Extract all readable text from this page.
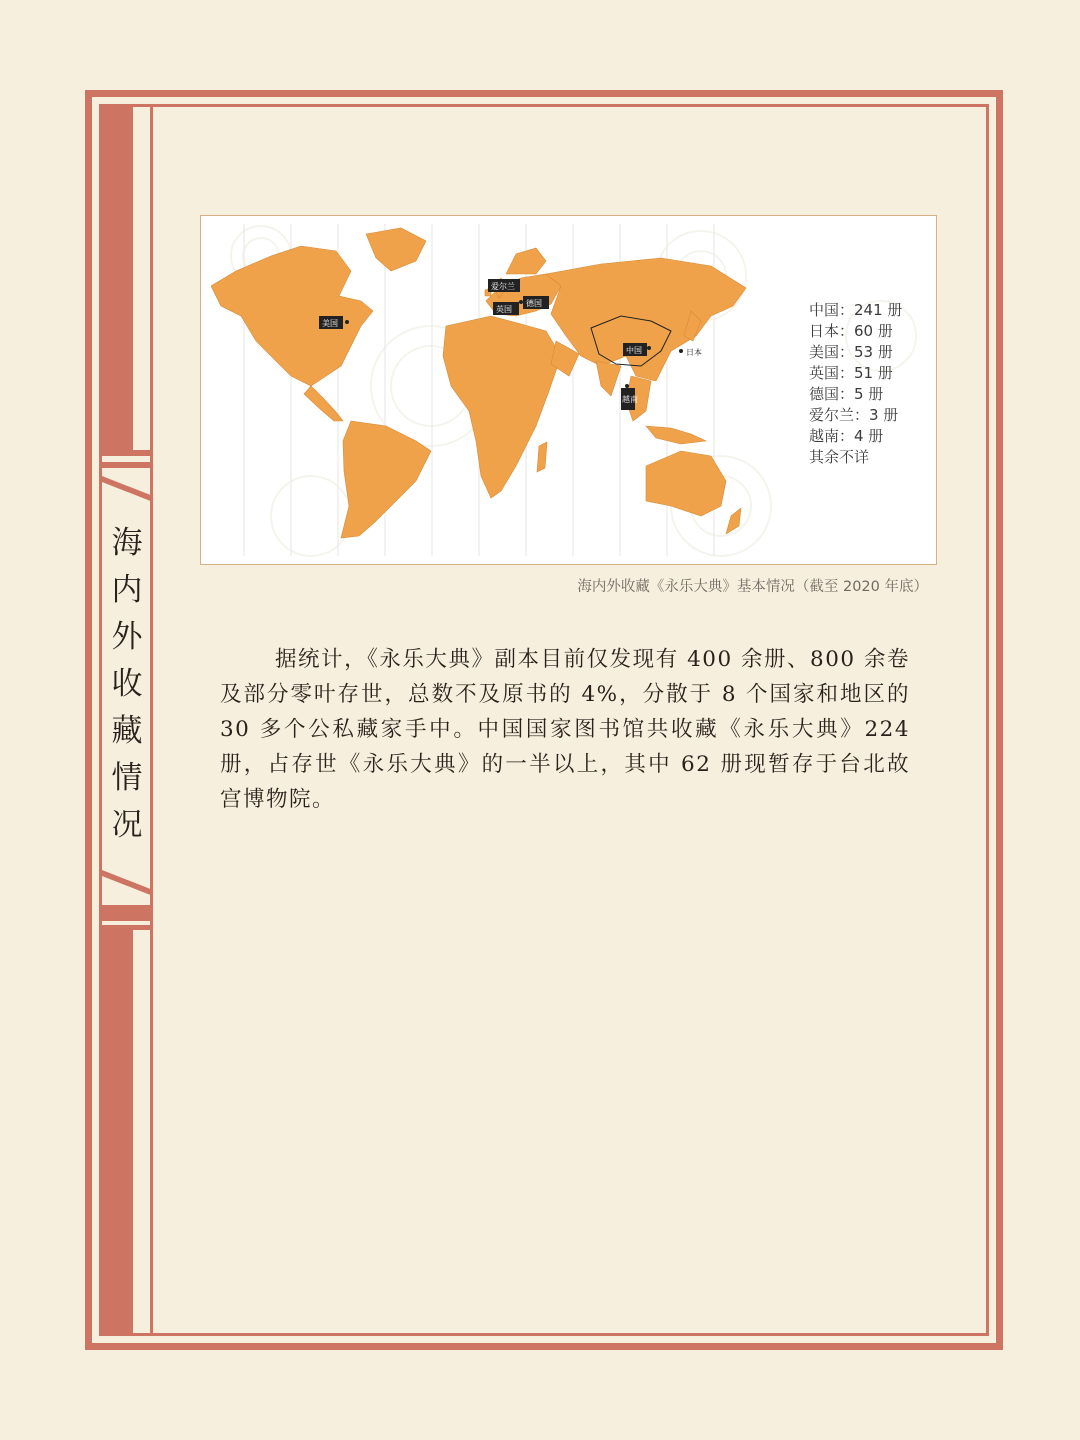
海
内
外
收
藏
情
况
美国
爱尔兰
英国
德国
中国	日本
越南
中国：241 册
日本：60 册
美国：53 册
英国：51 册
德国：5 册
爱尔兰：3 册
越南：4 册
其余不详
海内外收藏《永乐大典》基本情况（截至 2020 年底）

据统计，《永乐大典》副本目前仅发现有 400 余册、800 余卷及部分零叶存世，总数不及原书的 4%，分散于 8 个国家和地区的 30 多个公私藏家手中。中国国家图书馆共收藏《永乐大典》224 册，占存世《永乐大典》的一半以上，其中 62 册现暂存于台北故宫博物院。
